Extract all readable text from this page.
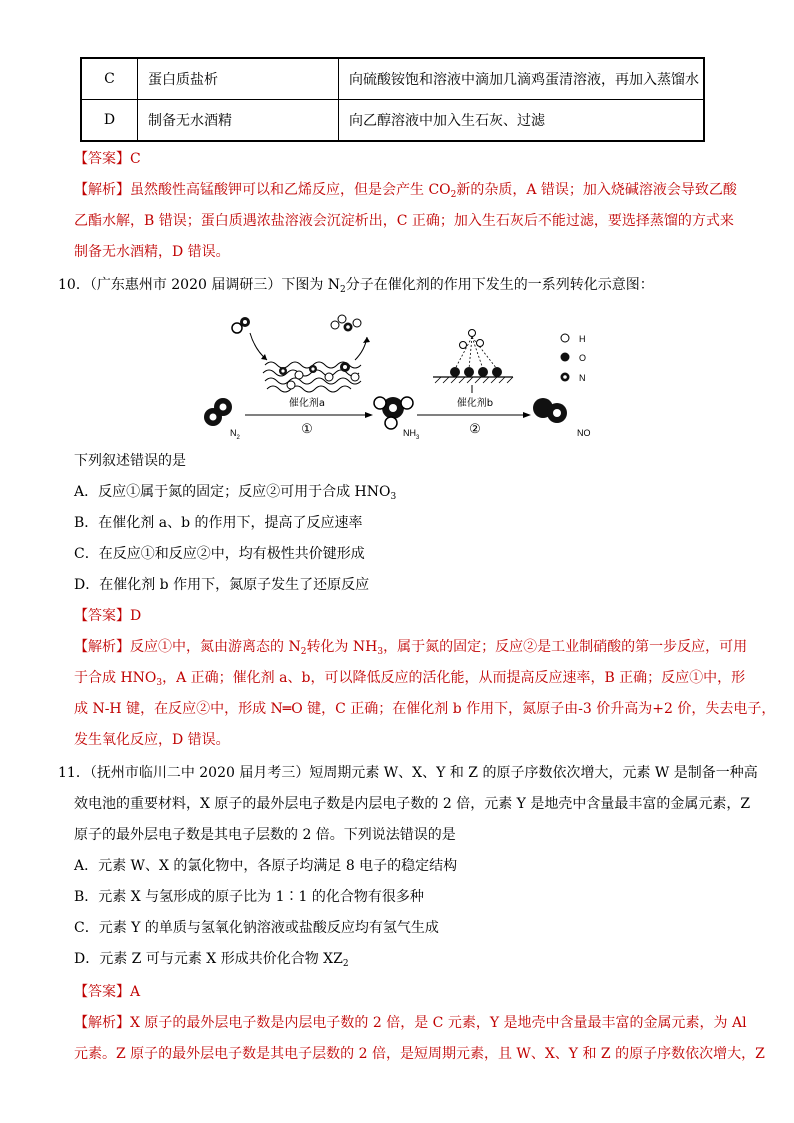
C	蛋白质盐析	向硫酸铵饱和溶液中滴加几滴鸡蛋清溶液，再加入蒸馏水
D	制备无水酒精	向乙醇溶液中加入生石灰、过滤
【答案】C
【解析】虽然酸性高锰酸钾可以和乙烯反应，但是会产生 $CO_2$新的杂质，A 错误；加入烧碱溶液会导致乙酸
乙酯水解，B 错误；蛋白质遇浓盐溶液会沉淀析出，C 正确；加入生石灰后不能过滤，要选择蒸馏的方式来
制备无水酒精，D 错误。
10．（广东惠州市 2020 届调研三）下图为 $N_2$分子在催化剂的作用下发生的一系列转化示意图：
$N_2$
催化剂a
①	$NH_3$
催化剂b
②	NO
H
O
N
下列叙述错误的是
A．反应①属于氮的固定；反应②可用于合成 $HNO_3$
B．在催化剂 a、b 的作用下，提高了反应速率
C．在反应①和反应②中，均有极性共价键形成
D．在催化剂 b 作用下，氮原子发生了还原反应
【答案】D
【解析】反应①中，氮由游离态的 $N_2$转化为 $NH_3$，属于氮的固定；反应②是工业制硝酸的第一步反应，可用
于合成 $HNO_3$，A 正确；催化剂 a、b，可以降低反应的活化能，从而提高反应速率，B 正确；反应①中，形
成 N-H 键，在反应②中，形成 N═O 键，C 正确；在催化剂 b 作用下，氮原子由-3 价升高为+2 价，失去电子，
发生氧化反应，D 错误。
11．（抚州市临川二中 2020 届月考三）短周期元素 W、X、Y 和 Z 的原子序数依次增大，元素 W 是制备一种高
效电池的重要材料，X 原子的最外层电子数是内层电子数的 2 倍，元素 Y 是地壳中含量最丰富的金属元素，Z
原子的最外层电子数是其电子层数的 2 倍。下列说法错误的是
A．元素 W、X 的氯化物中，各原子均满足 8 电子的稳定结构
B．元素 X 与氢形成的原子比为 1∶1 的化合物有很多种
C．元素 Y 的单质与氢氧化钠溶液或盐酸反应均有氢气生成
D．元素 Z 可与元素 X 形成共价化合物 $XZ_2$
【答案】A
【解析】X 原子的最外层电子数是内层电子数的 2 倍，是 C 元素，Y 是地壳中含量最丰富的金属元素，为 Al
元素。Z 原子的最外层电子数是其电子层数的 2 倍，是短周期元素，且 W、X、Y 和 Z 的原子序数依次增大，Z
